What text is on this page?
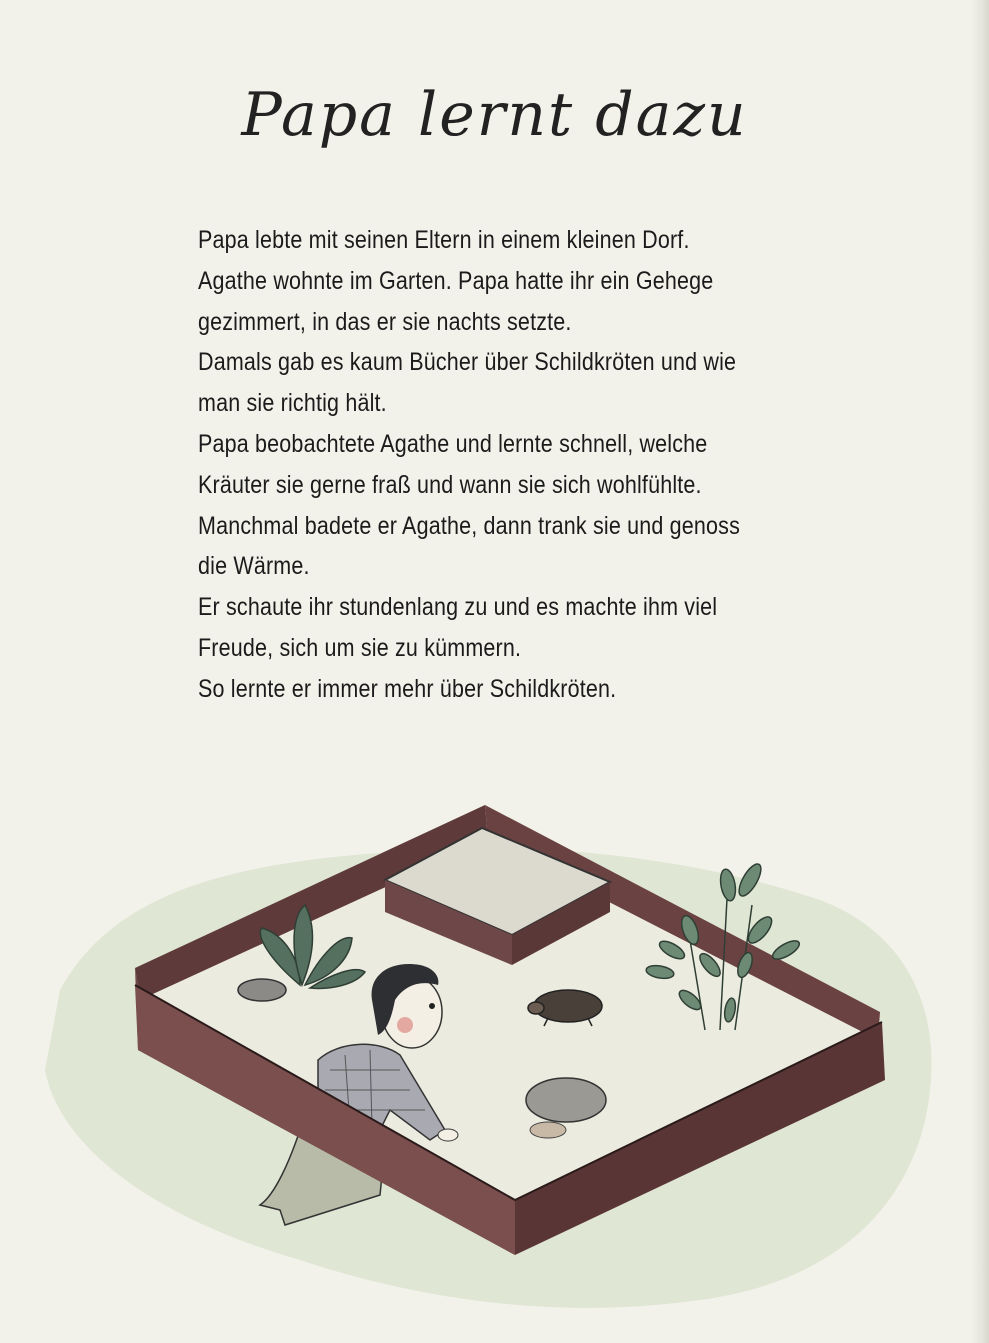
Papa lernt dazu
Papa lebte mit seinen Eltern in einem kleinen Dorf.
Agathe wohnte im Garten. Papa hatte ihr ein Gehege
gezimmert, in das er sie nachts setzte.
Damals gab es kaum Bücher über Schildkröten und wie
man sie richtig hält.
Papa beobachtete Agathe und lernte schnell, welche
Kräuter sie gerne fraß und wann sie sich wohlfühlte.
Manchmal badete er Agathe, dann trank sie und genoss
die Wärme.
Er schaute ihr stundenlang zu und es machte ihm viel
Freude, sich um sie zu kümmern.
So lernte er immer mehr über Schildkröten.
